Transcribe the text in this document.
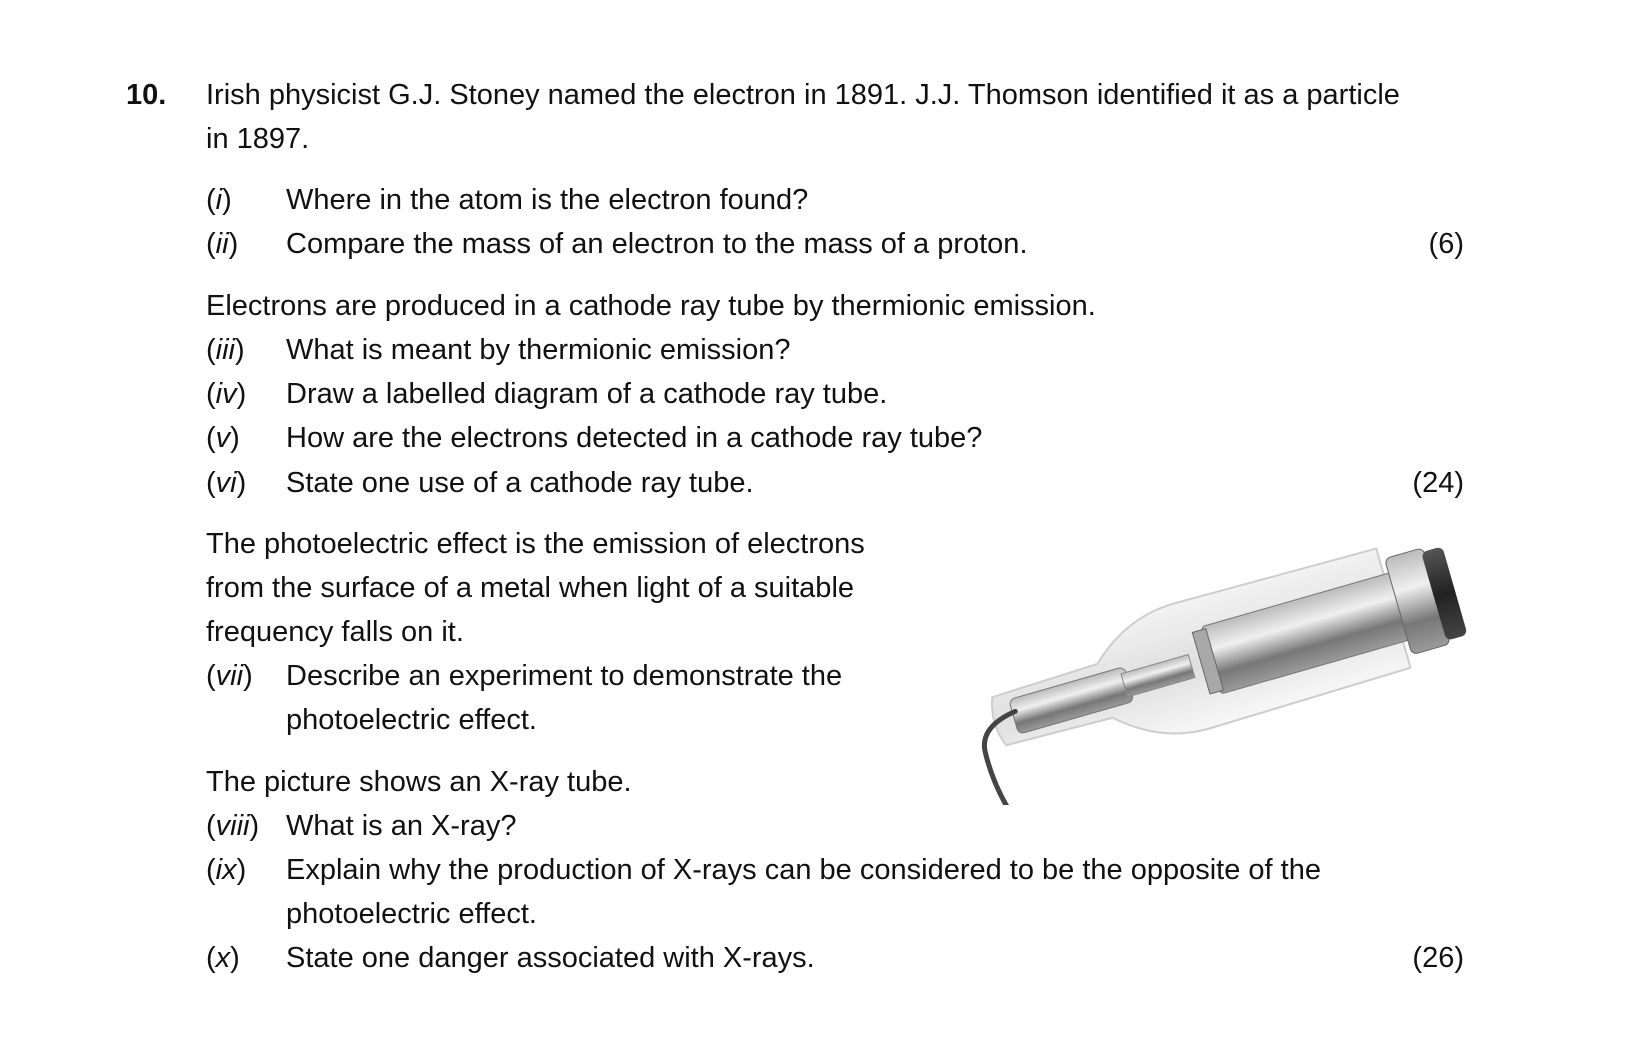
10. Irish physicist G.J. Stoney named the electron in 1891. J.J. Thomson identified it as a particle
in 1897.
(i) Where in the atom is the electron found?
(ii) Compare the mass of an electron to the mass of a proton.	(6)
Electrons are produced in a cathode ray tube by thermionic emission.
(iii) What is meant by thermionic emission?
(iv) Draw a labelled diagram of a cathode ray tube.
(v) How are the electrons detected in a cathode ray tube?
(vi) State one use of a cathode ray tube.	(24)
The photoelectric effect is the emission of electrons
from the surface of a metal when light of a suitable
frequency falls on it.
(vii) Describe an experiment to demonstrate the
photoelectric effect.
The picture shows an X-ray tube.
(viii) What is an X-ray?
(ix) Explain why the production of X-rays can be considered to be the opposite of the
photoelectric effect.
(x) State one danger associated with X-rays.	(26)
